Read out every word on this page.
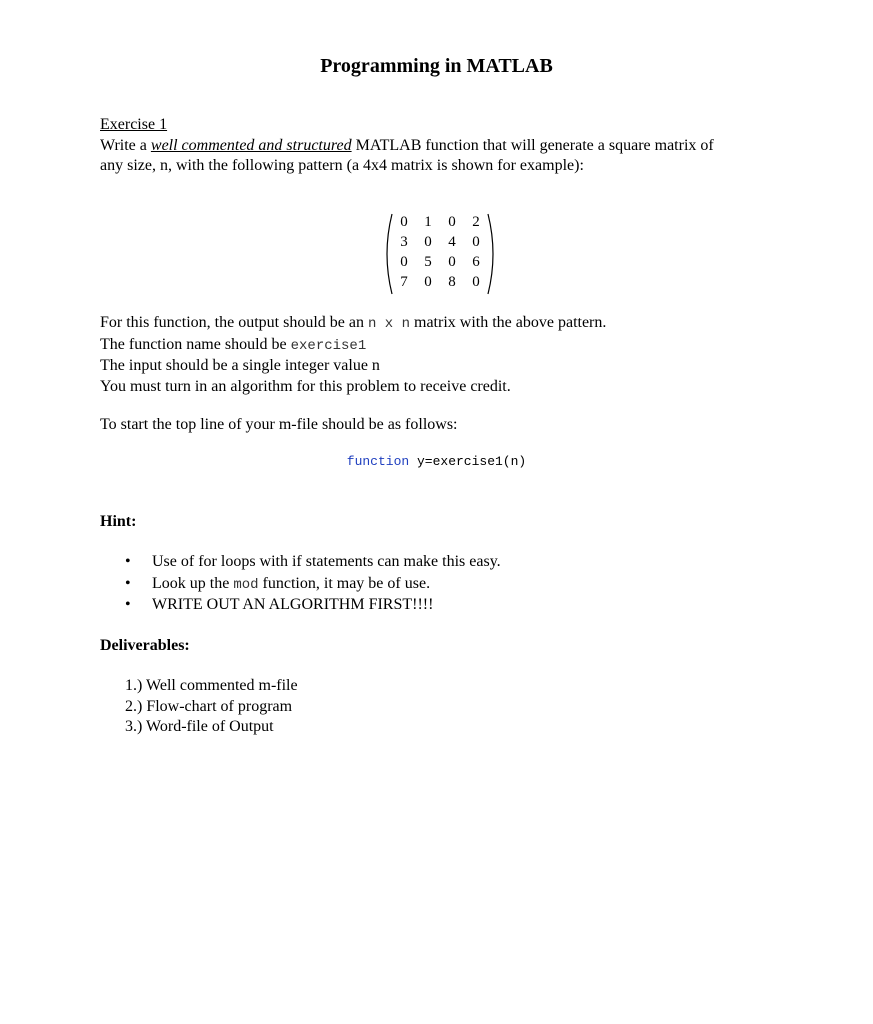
Programming in MATLAB
Exercise 1
Write a well commented and structured MATLAB function that will generate a square matrix of
any size, n, with the following pattern (a 4x4 matrix is shown for example):
0	1	0	2
3	0	4	0
0	5	0	6
7	0	8	0
For this function, the output should be an n x n matrix with the above pattern.
The function name should be exercise1
The input should be a single integer value n
You must turn in an algorithm for this problem to receive credit.
To start the top line of your m-file should be as follows:
function y=exercise1(n)
Hint:
• Use of for loops with if statements can make this easy.
• Look up the mod function, it may be of use.
• WRITE OUT AN ALGORITHM FIRST!!!!
Deliverables:
1.) Well commented m-file
2.) Flow-chart of program
3.) Word-file of Output
